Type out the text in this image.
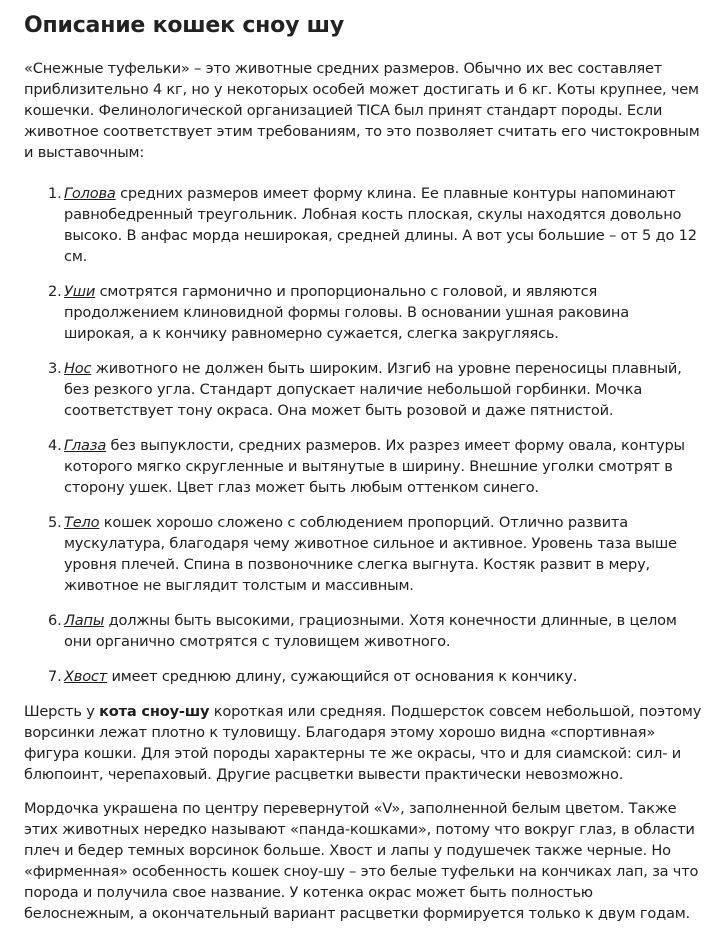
Описание кошек сноу шу

«Снежные туфельки» – это животные средних размеров. Обычно их вес составляет приблизительно 4 кг, но у некоторых особей может достигать и 6 кг. Коты крупнее, чем кошечки. Фелинологической организацией TICA был принят стандарт породы. Если животное соответствует этим требованиям, то это позволяет считать его чистокровным и выставочным:

1. Голова средних размеров имеет форму клина. Ее плавные контуры напоминают равнобедренный треугольник. Лобная кость плоская, скулы находятся довольно высоко. В анфас морда неширокая, средней длины. А вот усы большие – от 5 до 12 см.
2. Уши смотрятся гармонично и пропорционально с головой, и являются продолжением клиновидной формы головы. В основании ушная раковина широкая, а к кончику равномерно сужается, слегка закругляясь.
3. Нос животного не должен быть широким. Изгиб на уровне переносицы плавный, без резкого угла. Стандарт допускает наличие небольшой горбинки. Мочка соответствует тону окраса. Она может быть розовой и даже пятнистой.
4. Глаза без выпуклости, средних размеров. Их разрез имеет форму овала, контуры которого мягко скругленные и вытянутые в ширину. Внешние уголки смотрят в сторону ушек. Цвет глаз может быть любым оттенком синего.
5. Тело кошек хорошо сложено с соблюдением пропорций. Отлично развита мускулатура, благодаря чему животное сильное и активное. Уровень таза выше уровня плечей. Спина в позвоночнике слегка выгнута. Костяк развит в меру, животное не выглядит толстым и массивным.
6. Лапы должны быть высокими, грациозными. Хотя конечности длинные, в целом они органично смотрятся с туловищем животного.
7. Хвост имеет среднюю длину, сужающийся от основания к кончику.

Шерсть у кота сноу-шу короткая или средняя. Подшерсток совсем небольшой, поэтому ворсинки лежат плотно к туловищу. Благодаря этому хорошо видна «спортивная» фигура кошки. Для этой породы характерны те же окрасы, что и для сиамской: сил- и блюпоинт, черепаховый. Другие расцветки вывести практически невозможно.

Мордочка украшена по центру перевернутой «V», заполненной белым цветом. Также этих животных нередко называют «панда-кошками», потому что вокруг глаз, в области плеч и бедер темных ворсинок больше. Хвост и лапы у подушечек также черные. Но «фирменная» особенность кошек сноу-шу – это белые туфельки на кончиках лап, за что порода и получила свое название. У котенка окрас может быть полностью белоснежным, а окончательный вариант расцветки формируется только к двум годам.
